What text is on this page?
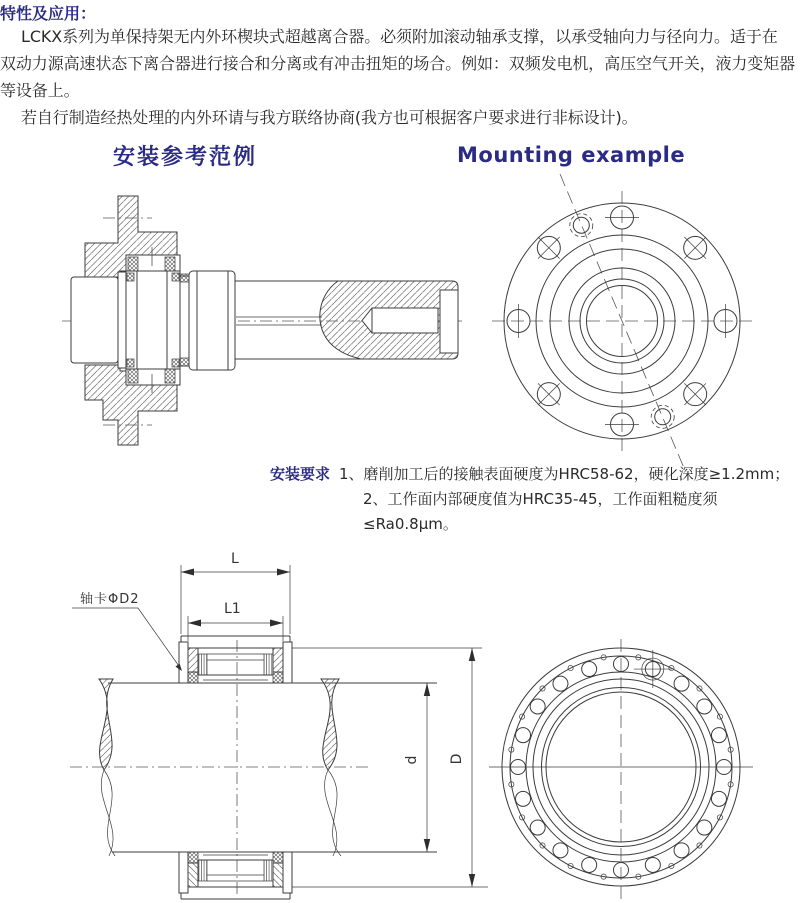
特性及应用：
LCKX系列为单保持架无内外环楔块式超越离合器。必须附加滚动轴承支撑，以承受轴向力与径向力。适于在
双动力源高速状态下离合器进行接合和分离或有冲击扭矩的场合。例如：双频发电机，高压空气开关，液力变矩器
等设备上。
若自行制造经热处理的内外环请与我方联络协商(我方也可根据客户要求进行非标设计)。
安装参考范例	Mounting example
安装要求 1、磨削加工后的接触表面硬度为HRC58-62，硬化深度≥1.2mm；
2、工作面内部硬度值为HRC35-45，工作面粗糙度须≤Ra0.8μm。
L
L1
轴卡ΦD2
d D
